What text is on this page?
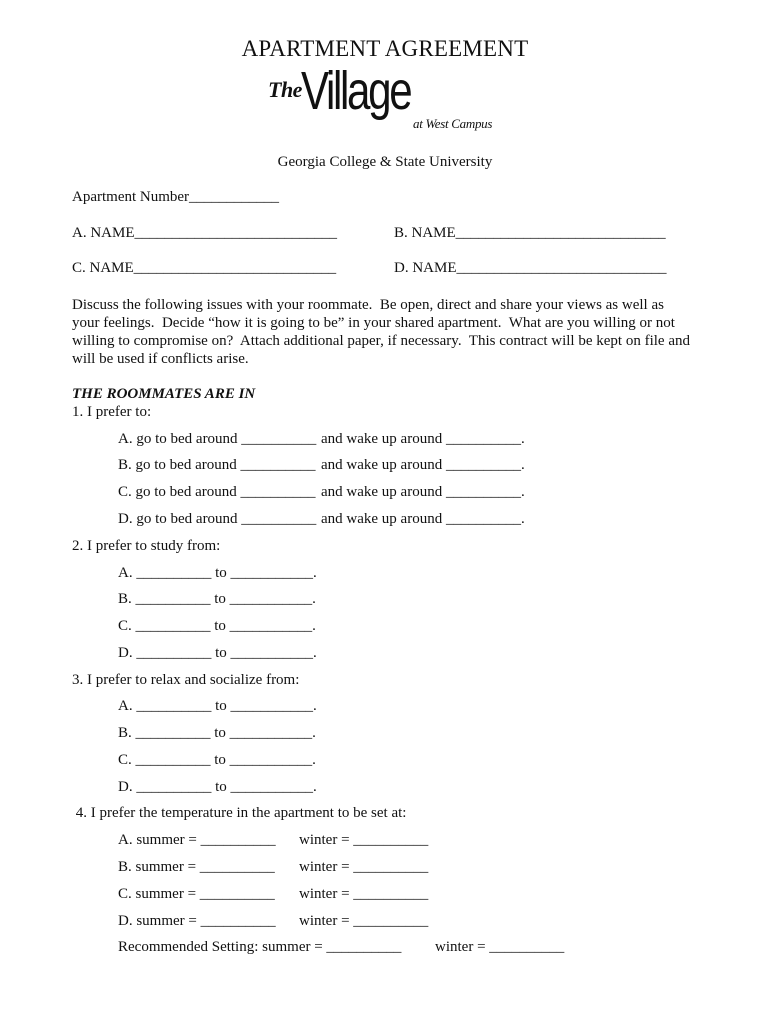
APARTMENT AGREEMENT
The Village
at West Campus
Georgia College & State University
Apartment Number____________
A. NAME___________________________	B. NAME____________________________
C. NAME___________________________	D. NAME____________________________
Discuss the following issues with your roommate.  Be open, direct and share your views as well as
your feelings.  Decide “how it is going to be” in your shared apartment.  What are you willing or not
willing to compromise on?  Attach additional paper, if necessary.  This contract will be kept on file and
will be used if conflicts arise.
THE ROOMMATES ARE IN
1. I prefer to:
A. go to bed around __________ and wake up around __________.
B. go to bed around __________ and wake up around __________.
C. go to bed around __________ and wake up around __________.
D. go to bed around __________ and wake up around __________.
2. I prefer to study from:
A. __________ to ___________.
B. __________ to ___________.
C. __________ to ___________.
D. __________ to ___________.
3. I prefer to relax and socialize from:
A. __________ to ___________.
B. __________ to ___________.
C. __________ to ___________.
D. __________ to ___________.
4. I prefer the temperature in the apartment to be set at:
A. summer = __________ winter = __________
B. summer = __________ winter = __________
C. summer = __________ winter = __________
D. summer = __________ winter = __________
Recommended Setting: summer = __________ winter = __________
